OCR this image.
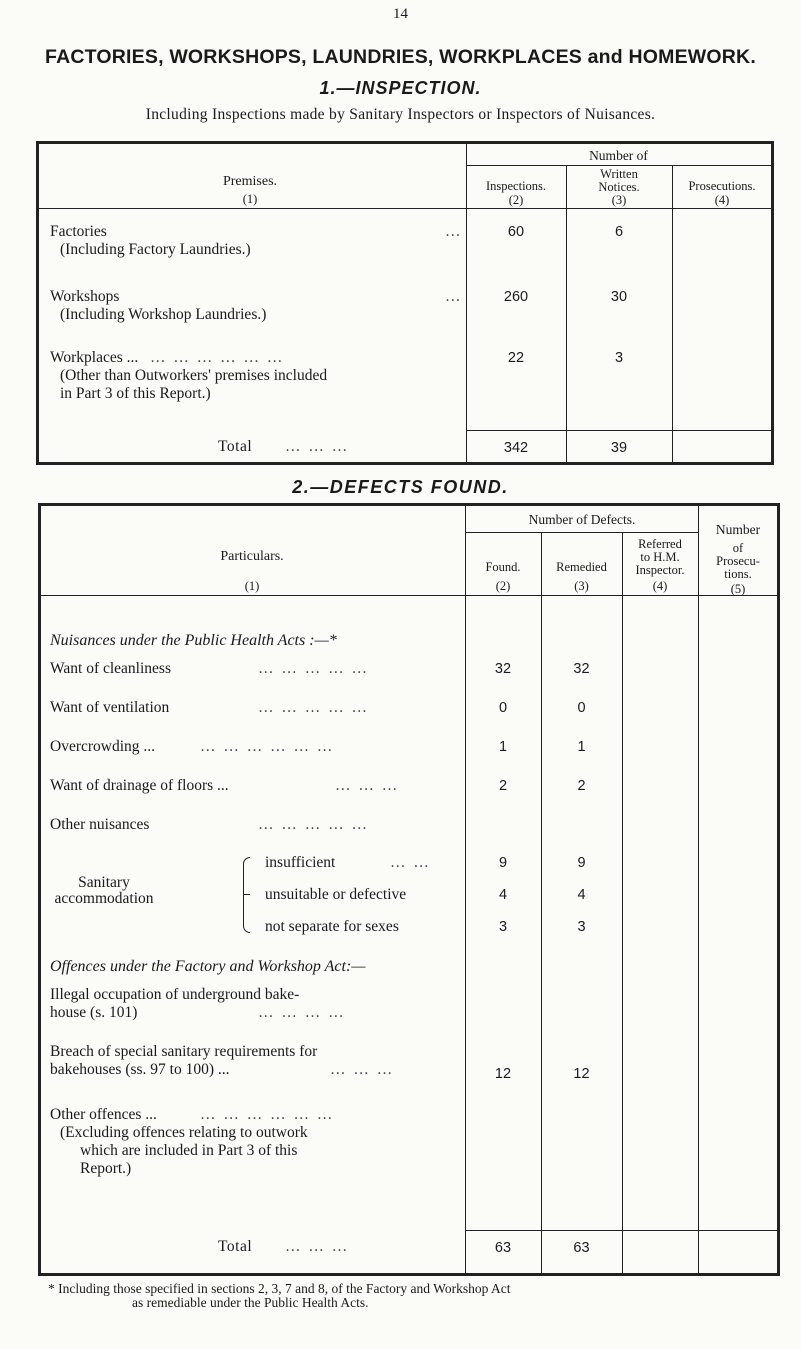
14
FACTORIES, WORKSHOPS, LAUNDRIES, WORKPLACES and HOMEWORK.
1.—INSPECTION.
Including Inspections made by Sanitary Inspectors or Inspectors of Nuisances.
Premises.
(1)
Number of
Inspections.
(2)
Written
Notices.
(3)
Prosecutions.
(4)
Factories	…
(Including Factory Laundries.)
60	6
Workshops	…
(Including Workshop Laundries.)
260	30
Workplaces ... … … … … … …
(Other than Outworkers' premises included
in Part 3 of this Report.)
22	3
Total … … …	342	39
2.—DEFECTS FOUND.
Particulars.
(1)
Number of Defects.
Found.
(2)
Remedied
(3)
Referred
to H.M.
Inspector.
(4)
Number
of
Prosecu-
tions.
(5)
Nuisances under the Public Health Acts :—*
Want of cleanliness	… … … … …	32	32
Want of ventilation	… … … … …	0	0
Overcrowding ...	… … … … … …	1	1
Want of drainage of floors ...	… … …	2	2
Other nuisances	… … … … …
Sanitary
accommodation
insufficient	… …	9	9
unsuitable or defective	4	4
not separate for sexes	3	3
Offences under the Factory and Workshop Act:—
Illegal occupation of underground bake-
house (s. 101)	… … … …
Breach of special sanitary requirements for
bakehouses (ss. 97 to 100) ...	… … …	12	12
Other offences ...	… … … … … …
(Excluding offences relating to outwork
which are included in Part 3 of this
Report.)
Total … … …	63	63
* Including those specified in sections 2, 3, 7 and 8, of the Factory and Workshop Act
as remediable under the Public Health Acts.
